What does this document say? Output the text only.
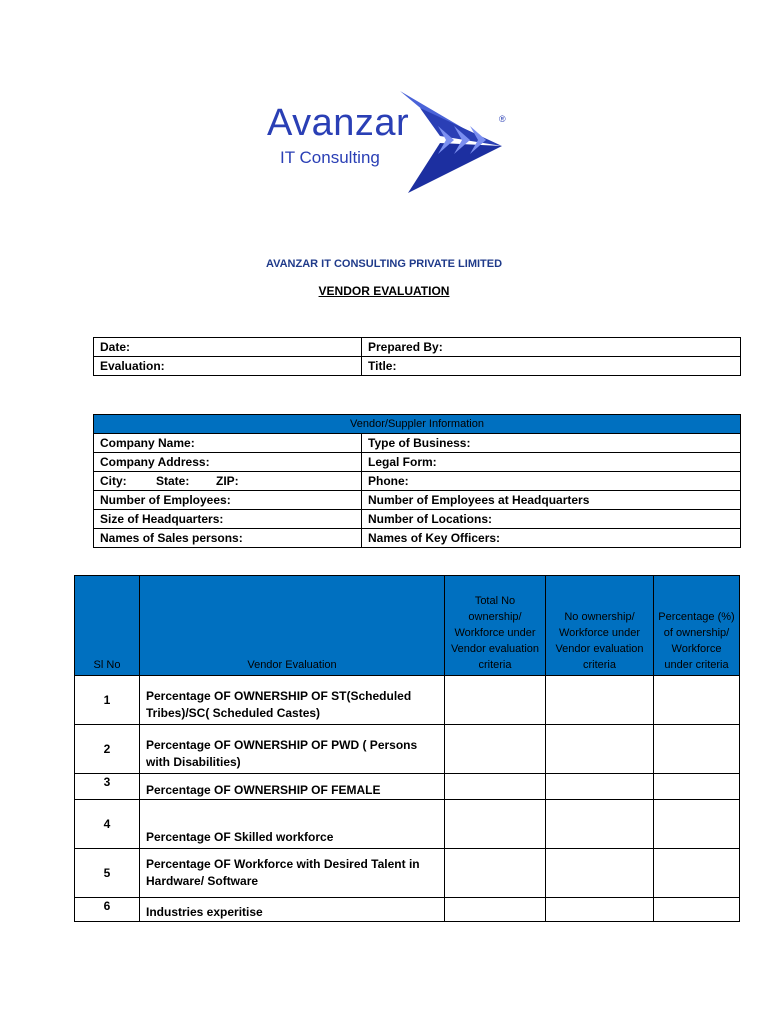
Avanzar
IT Consulting
®
AVANZAR IT CONSULTING PRIVATE LIMITED
VENDOR EVALUATION
Date:	Prepared By:
Evaluation:	Title:
Vendor/Suppler Information	
Company Name:	Type of Business:
Company Address:	Legal Form:
City: State: ZIP:	Phone:
Number of Employees:	Number of Employees at Headquarters
Size of Headquarters:	Number of Locations:
Names of Sales persons:	Names of Key Officers:
Sl No	Vendor Evaluation	Total No ownership/ Workforce under Vendor evaluation criteria	No ownership/ Workforce under Vendor evaluation criteria	Percentage (%) of ownership/ Workforce under criteria
1	Percentage OF OWNERSHIP OF ST(Scheduled Tribes)/SC( Scheduled Castes)			
2	Percentage OF OWNERSHIP OF PWD ( Persons with Disabilities)			
3	Percentage OF OWNERSHIP OF FEMALE			
4	Percentage OF Skilled workforce			
5	Percentage OF Workforce with Desired Talent in Hardware/ Software			
6	Industries experitise			
